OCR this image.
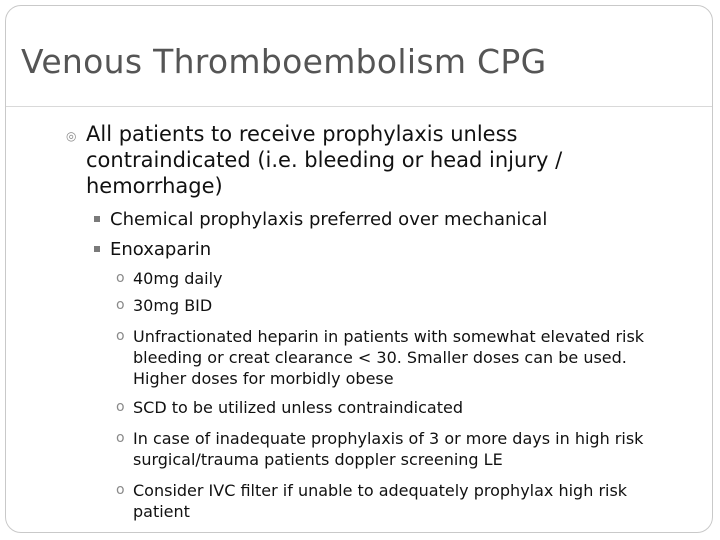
Venous Thromboembolism CPG
◎ All patients to receive prophylaxis unless contraindicated (i.e. bleeding or head injury / hemorrhage)
Chemical prophylaxis preferred over mechanical
Enoxaparin
o 40mg daily
o 30mg BID
o Unfractionated heparin in patients with somewhat elevated risk bleeding or creat clearance < 30. Smaller doses can be used. Higher doses for morbidly obese
o SCD to be utilized unless contraindicated
o In case of inadequate prophylaxis of 3 or more days in high risk surgical/trauma patients doppler screening LE
o Consider IVC filter if unable to adequately prophylax high risk patient
